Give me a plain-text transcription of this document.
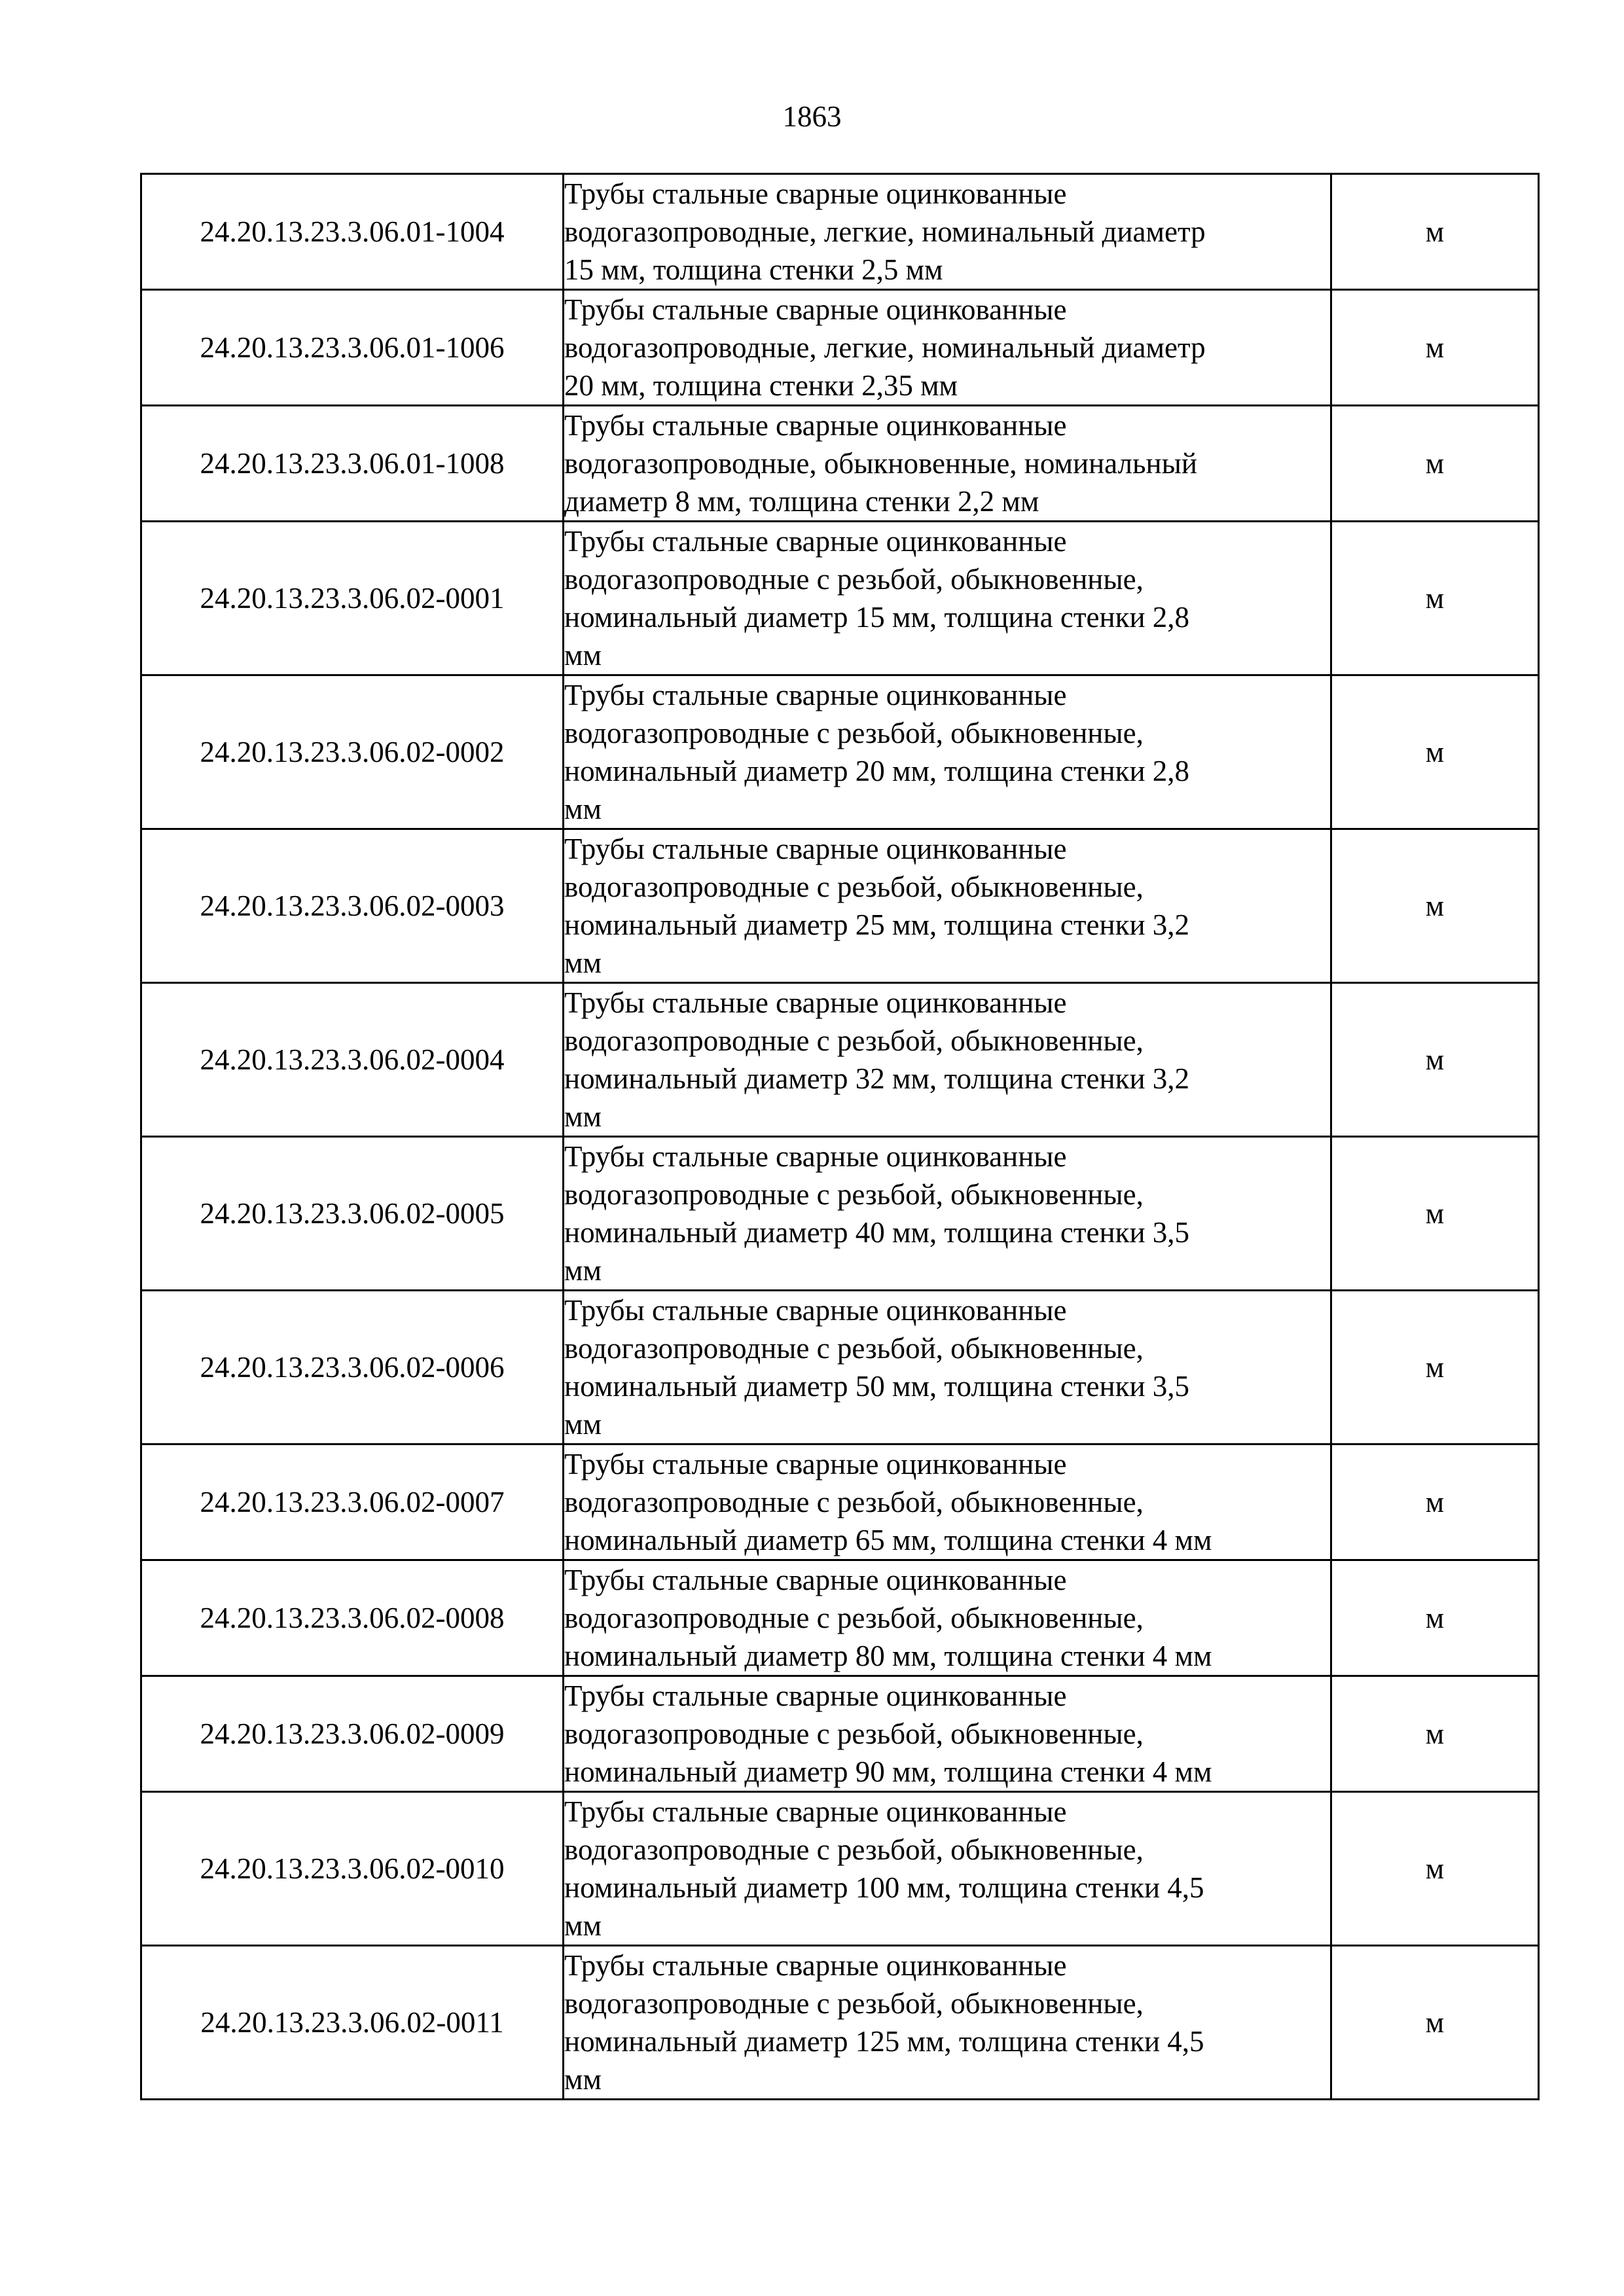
1863
24.20.13.23.3.06.01-1004	Трубы стальные сварные оцинкованные
водогазопроводные, легкие, номинальный диаметр
15 мм, толщина стенки 2,5 мм	м
24.20.13.23.3.06.01-1006	Трубы стальные сварные оцинкованные
водогазопроводные, легкие, номинальный диаметр
20 мм, толщина стенки 2,35 мм	м
24.20.13.23.3.06.01-1008	Трубы стальные сварные оцинкованные
водогазопроводные, обыкновенные, номинальный
диаметр 8 мм, толщина стенки 2,2 мм	м
24.20.13.23.3.06.02-0001	Трубы стальные сварные оцинкованные
водогазопроводные с резьбой, обыкновенные,
номинальный диаметр 15 мм, толщина стенки 2,8
мм	м
24.20.13.23.3.06.02-0002	Трубы стальные сварные оцинкованные
водогазопроводные с резьбой, обыкновенные,
номинальный диаметр 20 мм, толщина стенки 2,8
мм	м
24.20.13.23.3.06.02-0003	Трубы стальные сварные оцинкованные
водогазопроводные с резьбой, обыкновенные,
номинальный диаметр 25 мм, толщина стенки 3,2
мм	м
24.20.13.23.3.06.02-0004	Трубы стальные сварные оцинкованные
водогазопроводные с резьбой, обыкновенные,
номинальный диаметр 32 мм, толщина стенки 3,2
мм	м
24.20.13.23.3.06.02-0005	Трубы стальные сварные оцинкованные
водогазопроводные с резьбой, обыкновенные,
номинальный диаметр 40 мм, толщина стенки 3,5
мм	м
24.20.13.23.3.06.02-0006	Трубы стальные сварные оцинкованные
водогазопроводные с резьбой, обыкновенные,
номинальный диаметр 50 мм, толщина стенки 3,5
мм	м
24.20.13.23.3.06.02-0007	Трубы стальные сварные оцинкованные
водогазопроводные с резьбой, обыкновенные,
номинальный диаметр 65 мм, толщина стенки 4 мм	м
24.20.13.23.3.06.02-0008	Трубы стальные сварные оцинкованные
водогазопроводные с резьбой, обыкновенные,
номинальный диаметр 80 мм, толщина стенки 4 мм	м
24.20.13.23.3.06.02-0009	Трубы стальные сварные оцинкованные
водогазопроводные с резьбой, обыкновенные,
номинальный диаметр 90 мм, толщина стенки 4 мм	м
24.20.13.23.3.06.02-0010	Трубы стальные сварные оцинкованные
водогазопроводные с резьбой, обыкновенные,
номинальный диаметр 100 мм, толщина стенки 4,5
мм	м
24.20.13.23.3.06.02-0011	Трубы стальные сварные оцинкованные
водогазопроводные с резьбой, обыкновенные,
номинальный диаметр 125 мм, толщина стенки 4,5
мм	м
